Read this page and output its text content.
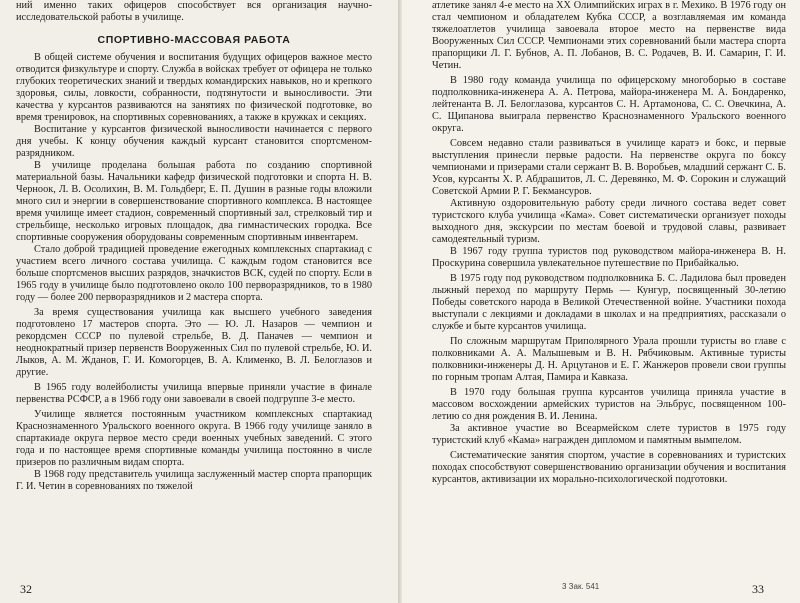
ний именно таких офицеров способствует вся организация научно-исследовательской работы в училище.

СПОРТИВНО-МАССОВАЯ РАБОТА

В общей системе обучения и воспитания будущих офицеров важное место отводится физкультуре и спорту. Служба в войсках требует от офицера не только глубоких теоретических знаний и твердых командирских навыков, но и крепкого здоровья, силы, ловкости, собранности, подтянутости и выносливости. Эти качества у курсантов развиваются на занятиях по физической подготовке, во время тренировок, на спортивных соревнованиях, а также в кружках и секциях.

Воспитание у курсантов физической выносливости начинается с первого дня учебы. К концу обучения каждый курсант становится спортсменом-разрядником.

В училище проделана большая работа по созданию спортивной материальной базы. Начальники кафедр физической подготовки и спорта Н. В. Черноок, Л. В. Осолихин, В. М. Гольдберг, Е. П. Душин в разные годы вложили много сил и энергии в совершенствование спортивного комплекса. В настоящее время училище имеет стадион, современный спортивный зал, стрелковый тир и стрельбище, несколько игровых площадок, два гимнастических городка. Все спортивные сооружения оборудованы современным спортивным инвентарем.

Стало доброй традицией проведение ежегодных комплексных спартакиад с участием всего личного состава училища. С каждым годом становится все больше спортсменов высших разрядов, значкистов ВСК, судей по спорту. Если в 1965 году в училище было подготовлено около 100 перворазрядников, то в 1980 году — более 200 перворазрядников и 2 мастера спорта.

За время существования училища как высшего учебного заведения подготовлено 17 мастеров спорта. Это — Ю. Л. Назаров — чемпион и рекордсмен СССР по пулевой стрельбе, В. Д. Паначев — чемпион и неоднократный призер первенств Вооруженных Сил по пулевой стрельбе, Ю. И. Лыков, А. М. Жданов, Г. И. Комогорцев, В. А. Клименко, В. Л. Белоглазов и другие.

В 1965 году волейболисты училища впервые приняли участие в финале первенства РСФСР, а в 1966 году они завоевали в своей подгруппе 3-е место.

Училище является постоянным участником комплексных спартакиад Краснознаменного Уральского военного округа. В 1966 году училище заняло в спартакиаде округа первое место среди военных учебных заведений. С этого года и по настоящее время спортивные команды училища постоянно в числе призеров по различным видам спорта.

В 1968 году представитель училища заслуженный мастер спорта прапорщик Г. И. Четин в соревнованиях по тяжелой

32

атлетике занял 4-е место на XX Олимпийских играх в г. Мехико. В 1976 году он стал чемпионом и обладателем Кубка СССР, а возглавляемая им команда тяжелоатлетов училища завоевала второе место на первенстве вида Вооруженных Сил СССР. Чемпионами этих соревнований были мастера спорта прапорщики Л. Г. Бубнов, А. П. Лобанов, В. С. Родачев, В. И. Самарин, Г. И. Четин.

В 1980 году команда училища по офицерскому многоборью в составе подполковника-инженера А. А. Петрова, майора-инженера М. А. Бондаренко, лейтенанта В. Л. Белоглазова, курсантов С. Н. Артамонова, С. С. Овечкина, А. С. Щипанова выиграла первенство Краснознаменного Уральского военного округа.

Совсем недавно стали развиваться в училище каратэ и бокс, и первые выступления принесли первые радости. На первенстве округа по боксу чемпионами и призерами стали сержант В. В. Воробьев, младший сержант С. Б. Усов, курсанты Х. Р. Абдрашитов, Л. С. Деревянко, М. Ф. Сорокин и служащий Советской Армии Р. Г. Бекмансуров.

Активную оздоровительную работу среди личного состава ведет совет туристского клуба училища «Кама». Совет систематически организует походы выходного дня, экскурсии по местам боевой и трудовой славы, развивает самодеятельный туризм.

В 1967 году группа туристов под руководством майора-инженера В. Н. Проскурина совершила увлекательное путешествие по Прибайкалью.

В 1975 году под руководством подполковника Б. С. Ладилова был проведен лыжный переход по маршруту Пермь — Кунгур, посвященный 30-летию Победы советского народа в Великой Отечественной войне. Участники похода выступали с лекциями и докладами в школах и на предприятиях, рассказали о службе и быте курсантов училища.

По сложным маршрутам Приполярного Урала прошли туристы во главе с полковниками А. А. Малышевым и В. Н. Рябчиковым. Активные туристы полковники-инженеры Д. Н. Арцутанов и Е. Г. Жанжеров провели свои группы по горным тропам Алтая, Памира и Кавказа.

В 1970 году большая группа курсантов училища приняла участие в массовом восхождении армейских туристов на Эльбрус, посвященном 100-летию со дня рождения В. И. Ленина.

За активное участие во Всеармейском слете туристов в 1975 году туристский клуб «Кама» награжден дипломом и памятным вымпелом.

Систематические занятия спортом, участие в соревнованиях и туристских походах способствуют совершенствованию организации обучения и воспитания курсантов, активизации их морально-психологической подготовки.

3 Зак. 541	33
